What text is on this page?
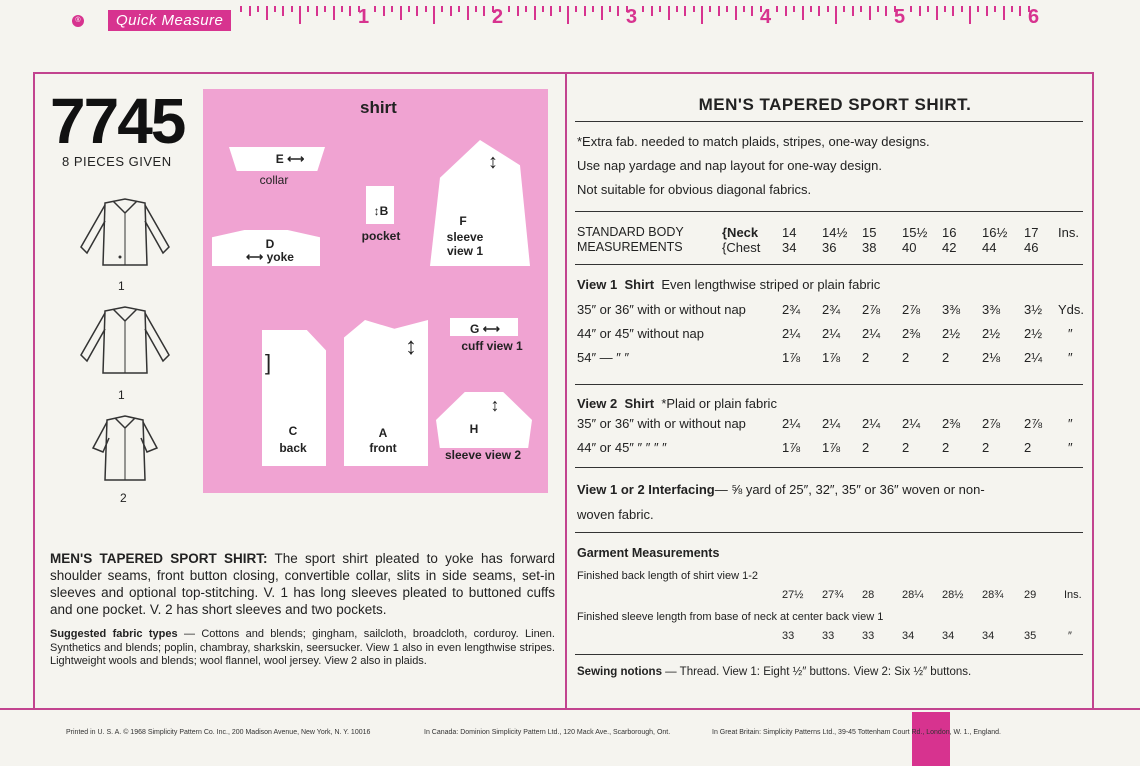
®	Quick Measure	1	2	3	4	5	6
7745
8 PIECES GIVEN
1
1
2
shirt
E ⟷
collar
↕B
pocket
D
⟷ yoke
↕
F
sleeve
view 1
G ⟷
cuff view 1
]
C
back
↕
A
front
H
↕
sleeve view 2
MEN'S TAPERED SPORT SHIRT: The sport shirt pleated to yoke has forward shoulder seams, front button closing, convertible collar, slits in side seams, set-in sleeves and optional top-stitching. V. 1 has long sleeves pleated to buttoned cuffs and one pocket. V. 2 has short sleeves and two pockets.
Suggested fabric types — Cottons and blends; gingham, sailcloth, broadcloth, corduroy. Linen. Synthetics and blends; poplin, chambray, sharkskin, seersucker. View 1 also in even lengthwise stripes. Lightweight wools and blends; wool flannel, wool jersey. View 2 also in plaids.
MEN'S TAPERED SPORT SHIRT.
*Extra fab. needed to match plaids, stripes, one-way designs.
Use nap yardage and nap layout for one-way design.
Not suitable for obvious diagonal fabrics.
STANDARD BODY
MEASUREMENTS
{Neck
{Chest
14 14½ 15 15½ 16 16½ 17
34 36 38 40 42 44 46
Ins.
View 1 Shirt Even lengthwise striped or plain fabric
35″ or 36″ with or without nap	2¾ 2¾ 2⅞ 2⅞ 3⅜ 3⅜ 3½ Yds.
44″ or 45″ without nap	2¼ 2¼ 2¼ 2⅜ 2½ 2½ 2½ ″
54″ — ″ ″	1⅞ 1⅞ 2	2	2	2⅛ 2¼ ″
View 2 Shirt *Plaid or plain fabric
35″ or 36″ with or without nap	2¼ 2¼ 2¼ 2¼ 2⅜ 2⅞ 2⅞ ″
44″ or 45″ ″ ″ ″ ″	1⅞ 1⅞ 2	2	2	2	2	″
View 1 or 2 Interfacing— ⅝ yard of 25″, 32″, 35″ or 36″ woven or non-
woven fabric.
Garment Measurements
Finished back length of shirt view 1-2
27½ 27¾ 28	28¼ 28½ 28¾ 29	Ins.
Finished sleeve length from base of neck at center back view 1
33	33	33	34	34	34	35	″
Sewing notions — Thread. View 1: Eight ½″ buttons. View 2: Six ½″ buttons.
Printed in U. S. A. © 1968 Simplicity Pattern Co. Inc., 200 Madison Avenue, New York, N. Y. 10016	In Canada: Dominion Simplicity Pattern Ltd., 120 Mack Ave., Scarborough, Ont.	In Great Britain: Simplicity Patterns Ltd., 39-45 Tottenham Court Rd., London, W. 1., England.
